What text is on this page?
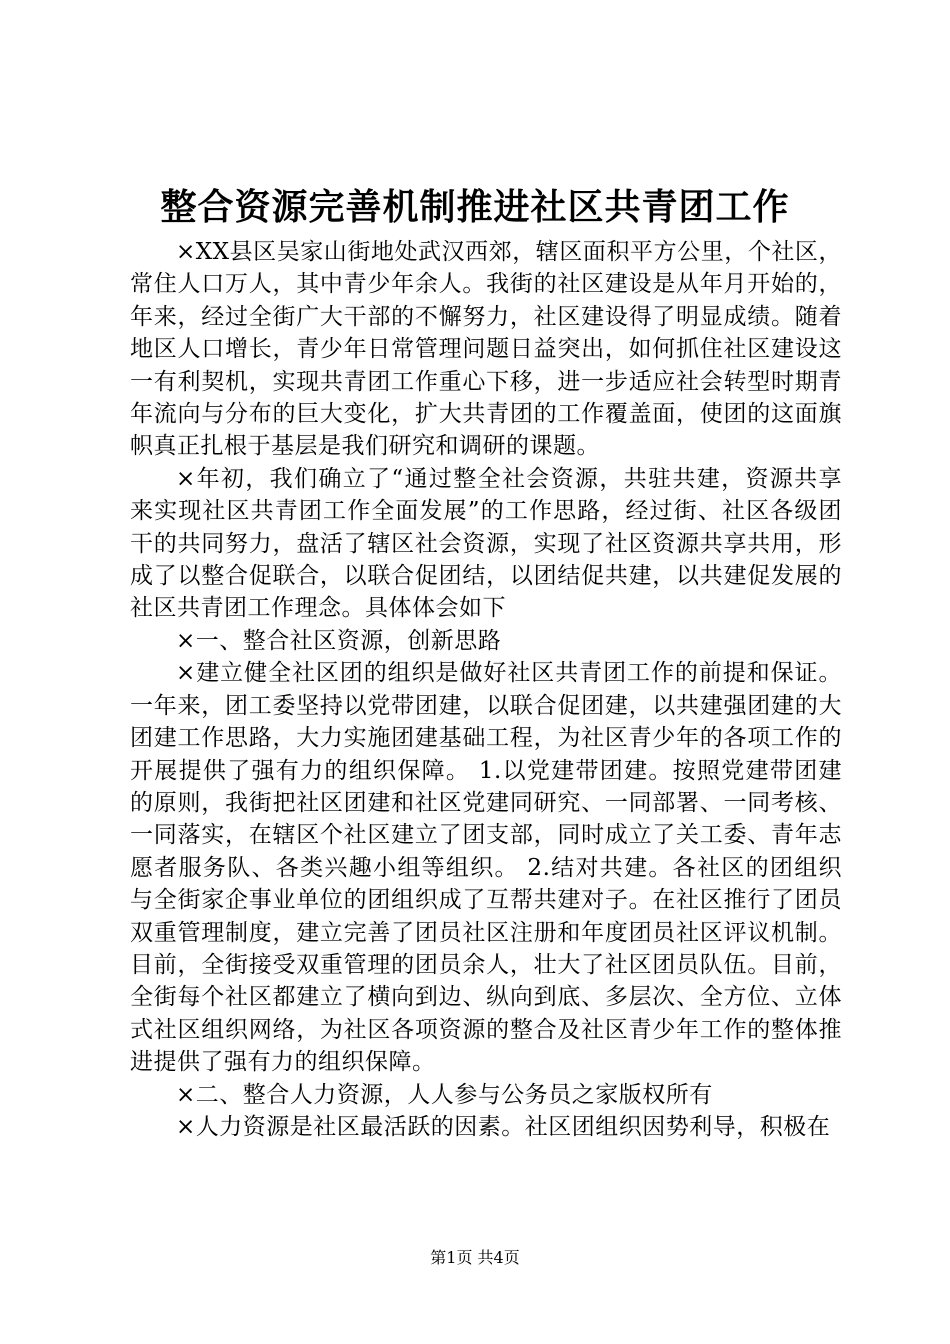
整合资源完善机制推进社区共青团工作

×XX县区吴家山街地处武汉西郊，辖区面积平方公里，个社区，常住人口万人，其中青少年余人。我街的社区建设是从年月开始的，年来，经过全街广大干部的不懈努力，社区建设得了明显成绩。随着地区人口增长，青少年日常管理问题日益突出，如何抓住社区建设这一有利契机，实现共青团工作重心下移，进一步适应社会转型时期青年流向与分布的巨大变化，扩大共青团的工作覆盖面，使团的这面旗帜真正扎根于基层是我们研究和调研的课题。

×年初，我们确立了“通过整全社会资源，共驻共建，资源共享来实现社区共青团工作全面发展”的工作思路，经过街、社区各级团干的共同努力，盘活了辖区社会资源，实现了社区资源共享共用，形成了以整合促联合，以联合促团结，以团结促共建，以共建促发展的社区共青团工作理念。具体体会如下

×一、整合社区资源，创新思路

×建立健全社区团的组织是做好社区共青团工作的前提和保证。一年来，团工委坚持以党带团建，以联合促团建，以共建强团建的大团建工作思路，大力实施团建基础工程，为社区青少年的各项工作的开展提供了强有力的组织保障。 1.以党建带团建。按照党建带团建的原则，我街把社区团建和社区党建同研究、一同部署、一同考核、一同落实，在辖区个社区建立了团支部，同时成立了关工委、青年志愿者服务队、各类兴趣小组等组织。 2.结对共建。各社区的团组织与全街家企事业单位的团组织成了互帮共建对子。在社区推行了团员双重管理制度，建立完善了团员社区注册和年度团员社区评议机制。目前，全街接受双重管理的团员余人，壮大了社区团员队伍。目前，全街每个社区都建立了横向到边、纵向到底、多层次、全方位、立体式社区组织网络，为社区各项资源的整合及社区青少年工作的整体推进提供了强有力的组织保障。

×二、整合人力资源，人人参与公务员之家版权所有

×人力资源是社区最活跃的因素。社区团组织因势利导，积极在

第1页 共4页
